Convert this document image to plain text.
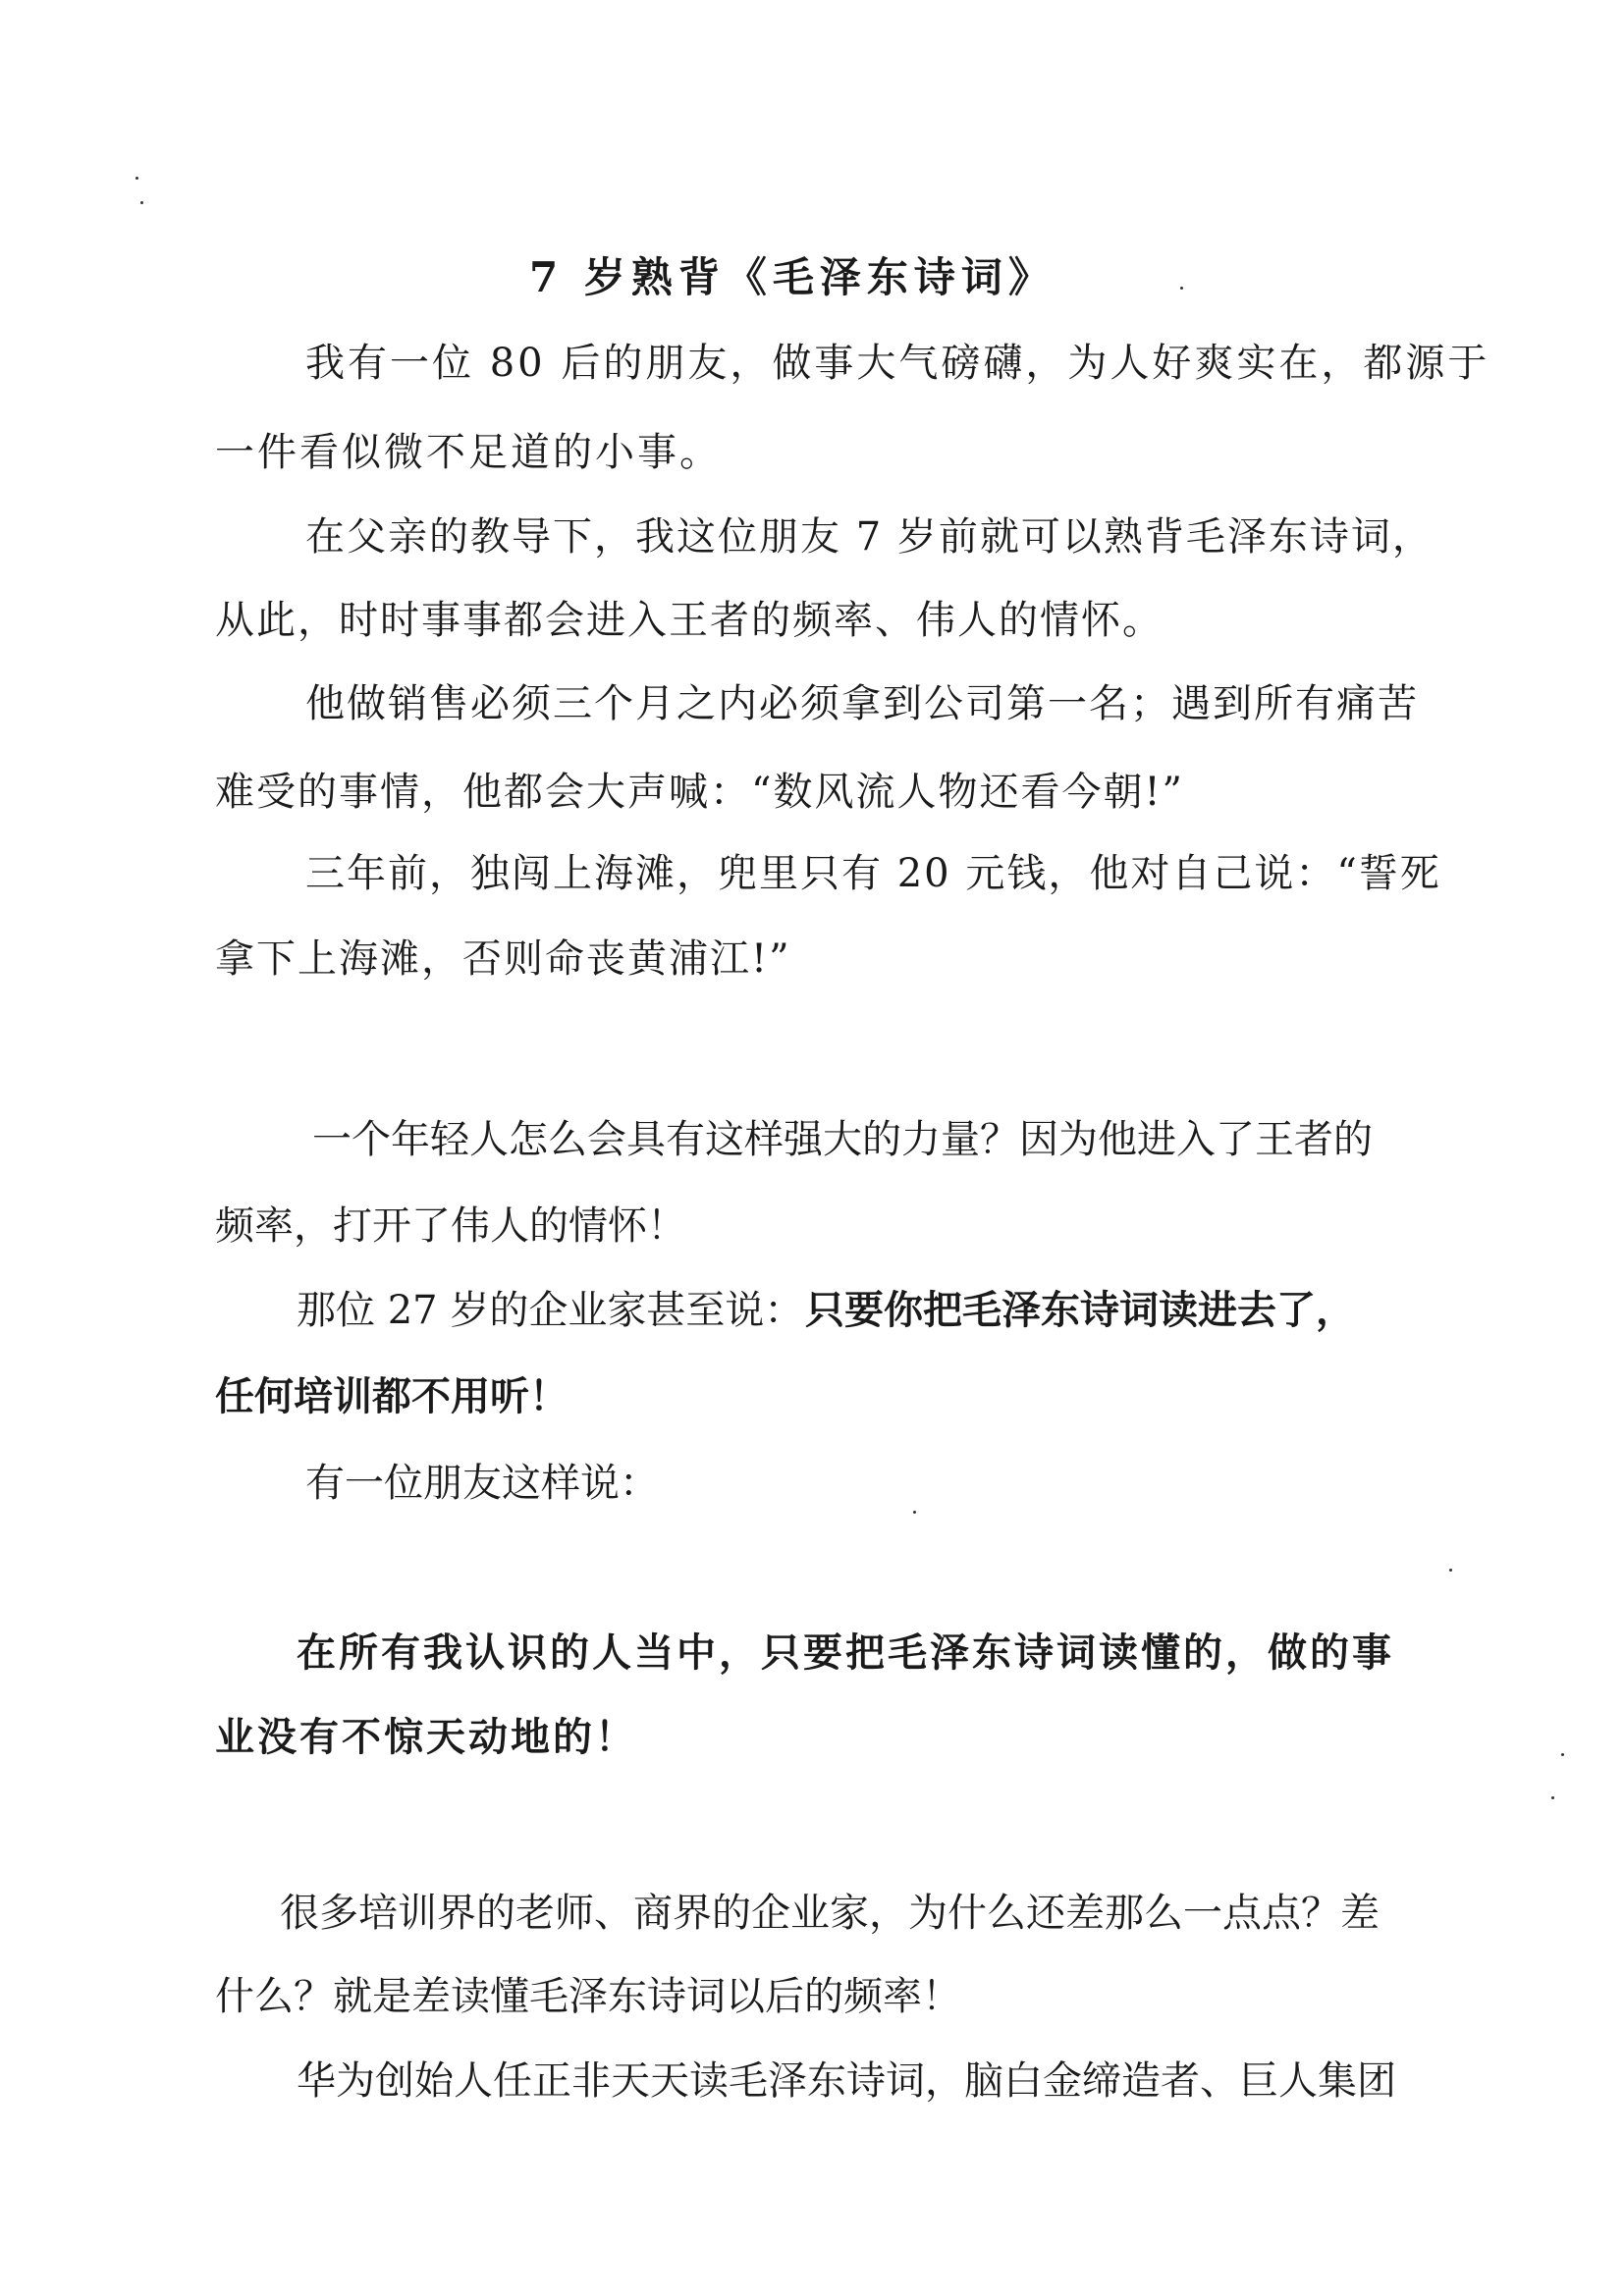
7 岁熟背《毛泽东诗词》
我有一位 80 后的朋友，做事大气磅礴，为人好爽实在，都源于
一件看似微不足道的小事。
在父亲的教导下，我这位朋友 7 岁前就可以熟背毛泽东诗词，
从此，时时事事都会进入王者的频率、伟人的情怀。
他做销售必须三个月之内必须拿到公司第一名；遇到所有痛苦
难受的事情，他都会大声喊：“数风流人物还看今朝!”
三年前，独闯上海滩，兜里只有 20 元钱，他对自己说：“誓死
拿下上海滩，否则命丧黄浦江!”
一个年轻人怎么会具有这样强大的力量？因为他进入了王者的
频率，打开了伟人的情怀！
那位 27 岁的企业家甚至说： 只要你把毛泽东诗词读进去了，
任何培训都不用听！
有一位朋友这样说：
在所有我认识的人当中，只要把毛泽东诗词读懂的，做的事
业没有不惊天动地的！
很多培训界的老师、商界的企业家，为什么还差那么一点点？差
什么？就是差读懂毛泽东诗词以后的频率！
华为创始人任正非天天读毛泽东诗词，脑白金缔造者、巨人集团
